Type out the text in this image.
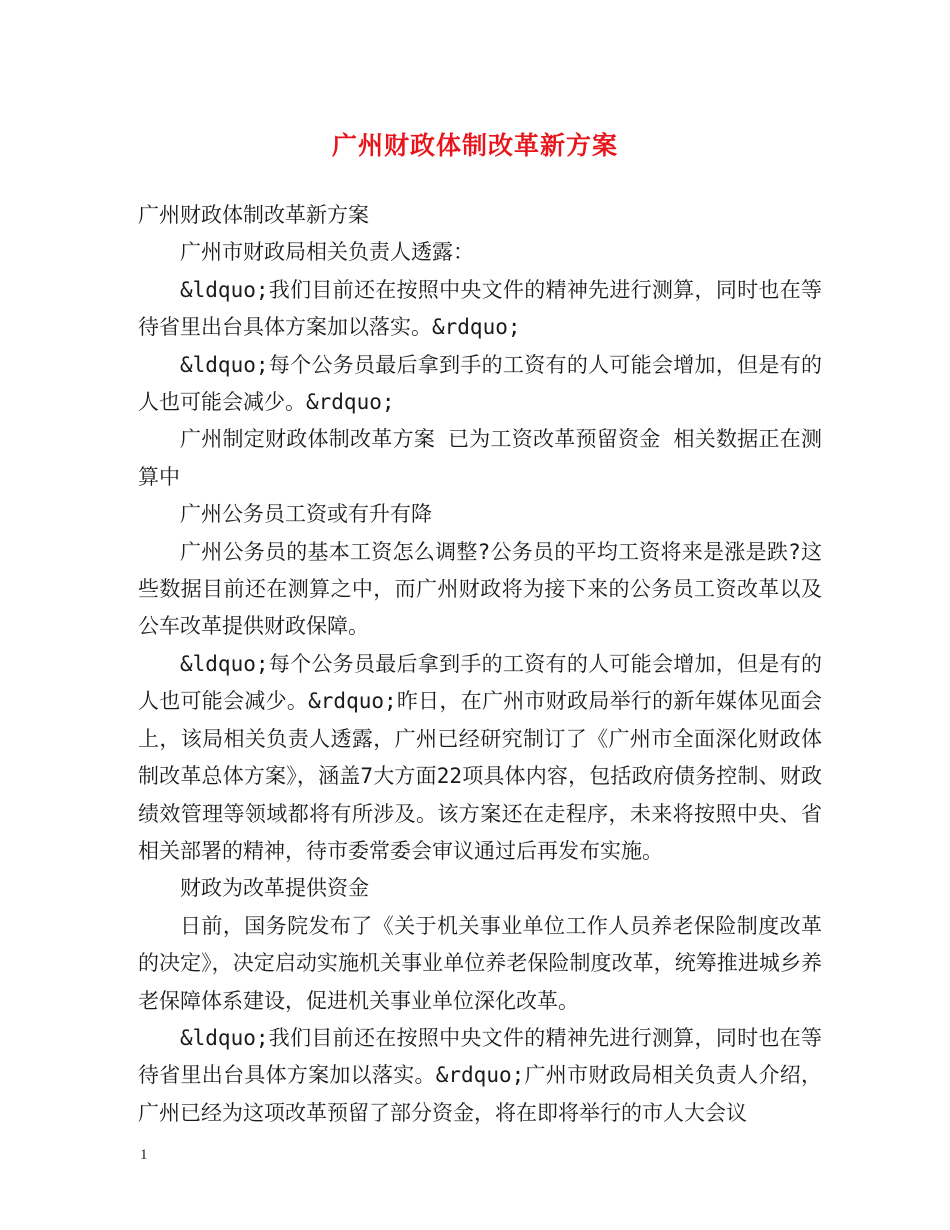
广州财政体制改革新方案

广州财政体制改革新方案

广州市财政局相关负责人透露：

&ldquo;我们目前还在按照中央文件的精神先进行测算，同时也在等待省里出台具体方案加以落实。&rdquo;

&ldquo;每个公务员最后拿到手的工资有的人可能会增加，但是有的人也可能会减少。&rdquo;

广州制定财政体制改革方案 已为工资改革预留资金 相关数据正在测算中

广州公务员工资或有升有降

广州公务员的基本工资怎么调整?公务员的平均工资将来是涨是跌?这些数据目前还在测算之中，而广州财政将为接下来的公务员工资改革以及公车改革提供财政保障。

&ldquo;每个公务员最后拿到手的工资有的人可能会增加，但是有的人也可能会减少。&rdquo;昨日，在广州市财政局举行的新年媒体见面会上，该局相关负责人透露，广州已经研究制订了《广州市全面深化财政体制改革总体方案》，涵盖7大方面22项具体内容，包括政府债务控制、财政绩效管理等领域都将有所涉及。该方案还在走程序，未来将按照中央、省相关部署的精神，待市委常委会审议通过后再发布实施。

财政为改革提供资金

日前，国务院发布了《关于机关事业单位工作人员养老保险制度改革的决定》，决定启动实施机关事业单位养老保险制度改革，统筹推进城乡养老保障体系建设，促进机关事业单位深化改革。

&ldquo;我们目前还在按照中央文件的精神先进行测算，同时也在等待省里出台具体方案加以落实。&rdquo;广州市财政局相关负责人介绍，广州已经为这项改革预留了部分资金，将在即将举行的市人大会议

1
